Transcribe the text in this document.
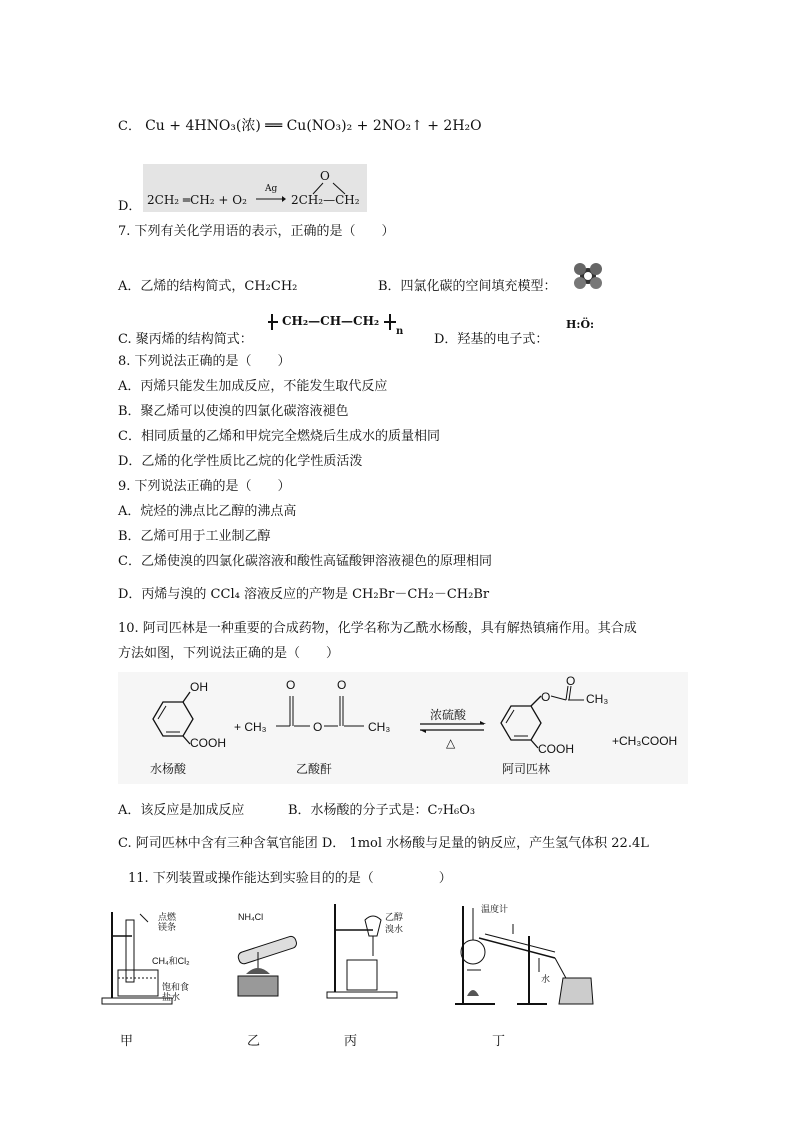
C． Cu + 4HNO₃(浓) ══ Cu(NO₃)₂ + 2NO₂↑ + 2H₂O
D． 2CH₂ ═CH₂ + O₂
Ag
2CH₂—CH₂
O
7. 下列有关化学用语的表示，正确的是（　　）
A．乙烯的结构简式，CH₂CH₂	B．四氯化碳的空间填充模型：
C. 聚丙烯的结构简式：
CH₂—CH—CH₂
n
D．羟基的电子式：
H:Ö:
8. 下列说法正确的是（　　）
A．丙烯只能发生加成反应，不能发生取代反应
B．聚乙烯可以使溴的四氯化碳溶液褪色
C．相同质量的乙烯和甲烷完全燃烧后生成水的质量相同
D．乙烯的化学性质比乙烷的化学性质活泼
9. 下列说法正确的是（　　）
A．烷烃的沸点比乙醇的沸点高
B．乙烯可用于工业制乙醇
C．乙烯使溴的四氯化碳溶液和酸性高锰酸钾溶液褪色的原理相同
D．丙烯与溴的 CCl₄ 溶液反应的产物是 CH₂Br－CH₂－CH₂Br
10. 阿司匹林是一种重要的合成药物，化学名称为乙酰水杨酸，具有解热镇痛作用。其合成
方法如图，下列说法正确的是（　　）
OH
COOH
水杨酸
+ CH₃
O
O
O
CH₃
乙酸酐
浓硫酸
△
O
O
CH₃
COOH
阿司匹林
+CH₃COOH
A．该反应是加成反应	B．水杨酸的分子式是：C₇H₆O₃
C. 阿司匹林中含有三种含氧官能团 D． 1mol 水杨酸与足量的钠反应，产生氢气体积 22.4L
11. 下列装置或操作能达到实验目的的是（　　　　　）
点燃
镁条
CH₄和Cl₂
饱和食
盐水
NH₄Cl	乙醇
溴水
温度计
水
甲	乙	丙	丁
